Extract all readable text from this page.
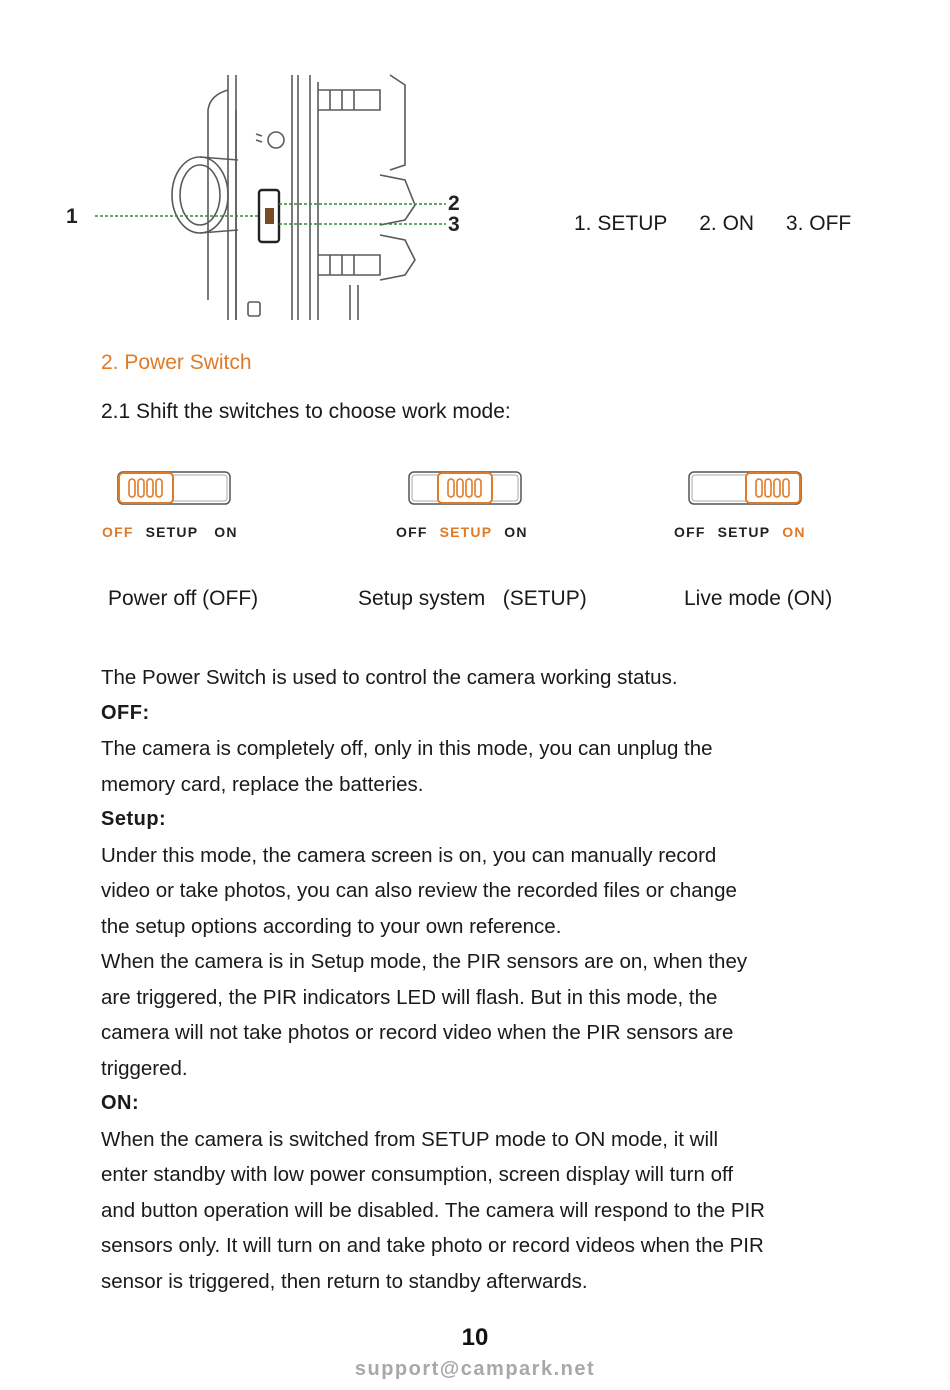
1
2
3	1. SETUP 2. ON 3. OFF
2. Power Switch
2.1 Shift the switches to choose work mode:
OFF SETUP ON
Power off (OFF)
OFF SETUP ON
Setup system   (SETUP)
OFF SETUP ON
Live mode (ON)

The Power Switch is used to control the camera working status.

OFF:

The camera is completely off, only in this mode, you can unplug the

memory card, replace the batteries.

Setup:

Under this mode, the camera screen is on, you can manually record

video or take photos, you can also review the recorded files or change

the setup options according to your own reference.

When the camera is in Setup mode, the PIR sensors are on, when they

are triggered, the PIR indicators LED will flash. But in this mode, the

camera will not take photos or record video when the PIR sensors are

triggered.

ON:

When the camera is switched from SETUP mode to ON mode, it will

enter standby with low power consumption, screen display will turn off

and button operation will be disabled. The camera will respond to the PIR

sensors only. It will turn on and take photo or record videos when the PIR

sensor is triggered, then return to standby afterwards.

10
support@campark.net
